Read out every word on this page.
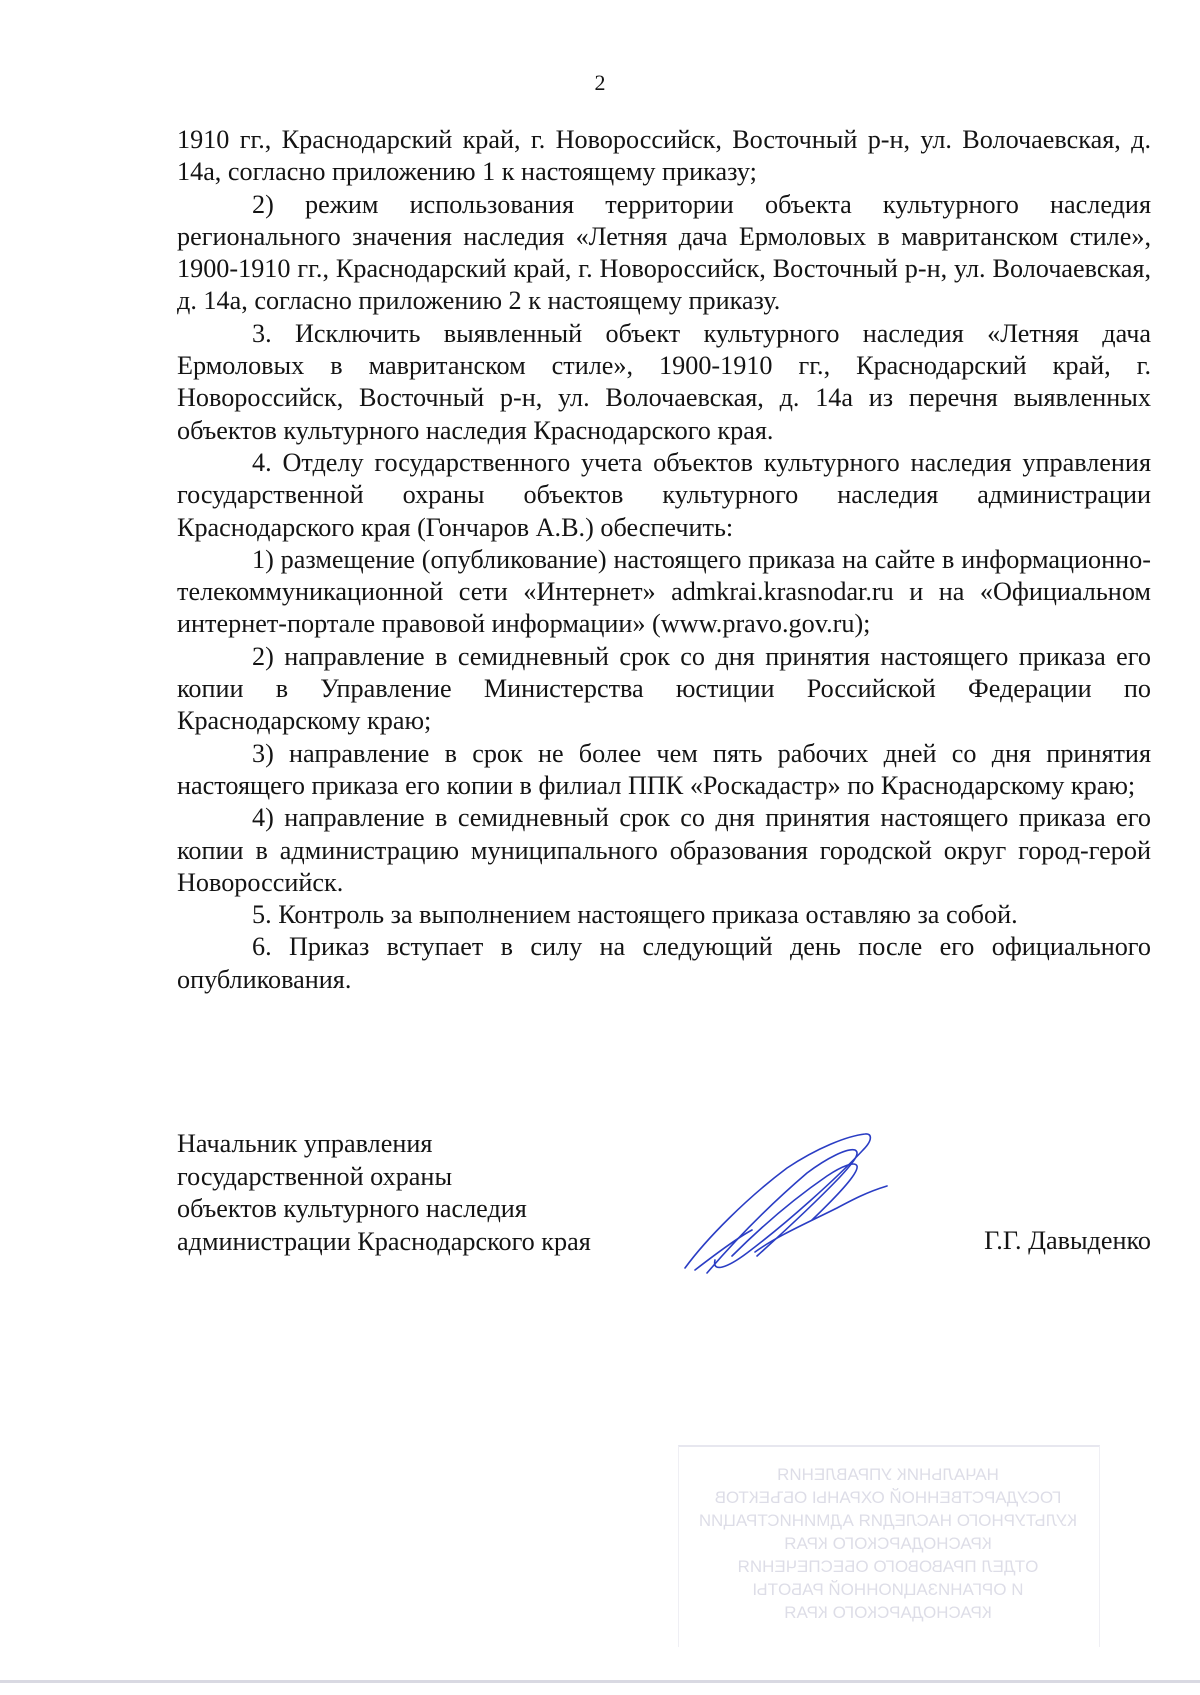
2

1910 гг., Краснодарский край, г. Новороссийск, Восточный р-н, ул. Волочаевская, д. 14а, согласно приложению 1 к настоящему приказу;

2) режим использования территории объекта культурного наследия регионального значения наследия «Летняя дача Ермоловых в мавританском стиле», 1900-1910 гг., Краснодарский край, г. Новороссийск, Восточный р-н, ул. Волочаевская, д. 14а, согласно приложению 2 к настоящему приказу.

3. Исключить выявленный объект культурного наследия «Летняя дача Ермоловых в мавританском стиле», 1900-1910 гг., Краснодарский край, г. Новороссийск, Восточный р-н, ул. Волочаевская, д. 14а из перечня выявленных объектов культурного наследия Краснодарского края.

4. Отделу государственного учета объектов культурного наследия управления государственной охраны объектов культурного наследия администрации Краснодарского края (Гончаров А.В.) обеспечить:

1) размещение (опубликование) настоящего приказа на сайте в информационно-телекоммуникационной сети «Интернет» admkrai.krasnodar.ru и на «Официальном интернет-портале правовой информации» (www.pravo.gov.ru);

2) направление в семидневный срок со дня принятия настоящего приказа его копии в Управление Министерства юстиции Российской Федерации по Краснодарскому краю;

3) направление в срок не более чем пять рабочих дней со дня принятия настоящего приказа его копии в филиал ППК «Роскадастр» по Краснодарскому краю;

4) направление в семидневный срок со дня принятия настоящего приказа его копии в администрацию муниципального образования городской округ город-герой Новороссийск.

5. Контроль за выполнением настоящего приказа оставляю за собой.

6. Приказ вступает в силу на следующий день после его официального опубликования.

Начальник управления
государственной охраны
объектов культурного наследия
администрации Краснодарского края	Г.Г. Давыденко
НАЧАЛЬНИК УПРАВЛЕНИЯ
ГОСУДАРСТВЕННОЙ ОХРАНЫ ОБЪЕКТОВ
КУЛЬТУРНОГО НАСЛЕДИЯ АДМИНИСТРАЦИИ
КРАСНОДАРСКОГО КРАЯ
ОТДЕЛ ПРАВОВОГО ОБЕСПЕЧЕНИЯ
И ОРГАНИЗАЦИОННОЙ РАБОТЫ
КРАСНОДАРСКОГО КРАЯ
